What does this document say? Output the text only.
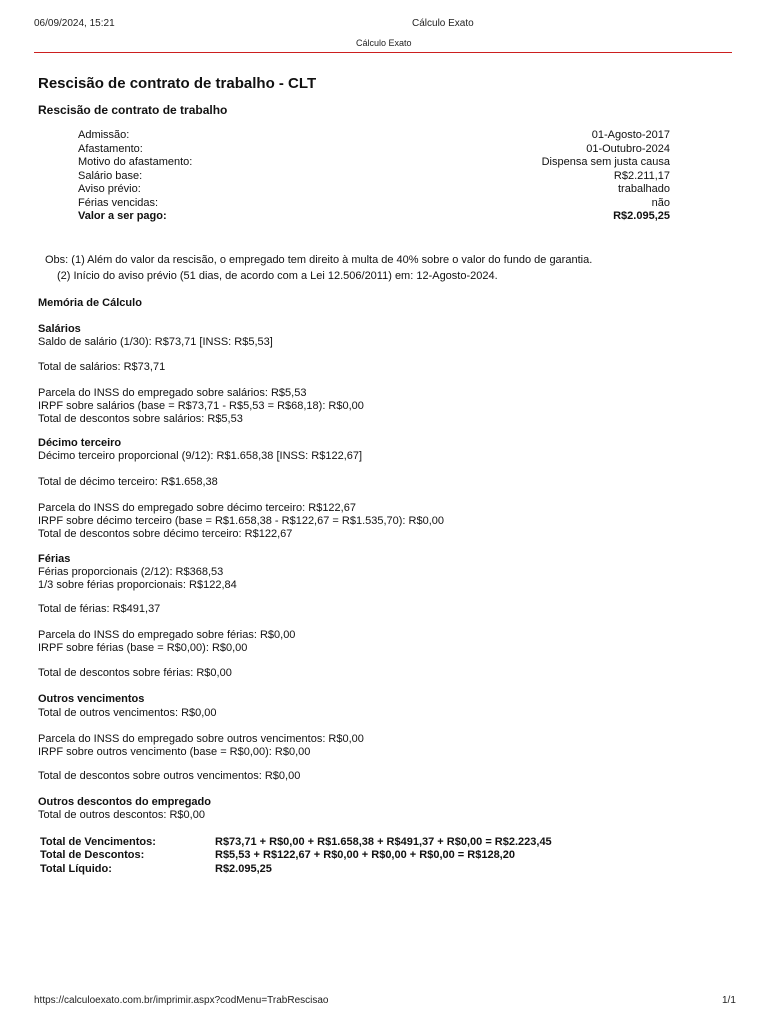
06/09/2024, 15:21	Cálculo Exato
Cálculo Exato
Rescisão de contrato de trabalho - CLT
Rescisão de contrato de trabalho
Admissão:	01-Agosto-2017
Afastamento:	01-Outubro-2024
Motivo do afastamento:	Dispensa sem justa causa
Salário base:	R$2.211,17
Aviso prévio:	trabalhado
Férias vencidas:	não
Valor a ser pago:	R$2.095,25
Obs: (1) Além do valor da rescisão, o empregado tem direito à multa de 40% sobre o valor do fundo de garantia.
(2) Início do aviso prévio (51 dias, de acordo com a Lei 12.506/2011) em: 12-Agosto-2024.
Memória de Cálculo
Salários
Saldo de salário (1/30): R$73,71 [INSS: R$5,53]
Total de salários: R$73,71
Parcela do INSS do empregado sobre salários: R$5,53
IRPF sobre salários (base = R$73,71 - R$5,53 = R$68,18): R$0,00
Total de descontos sobre salários: R$5,53
Décimo terceiro
Décimo terceiro proporcional (9/12): R$1.658,38 [INSS: R$122,67]
Total de décimo terceiro: R$1.658,38
Parcela do INSS do empregado sobre décimo terceiro: R$122,67
IRPF sobre décimo terceiro (base = R$1.658,38 - R$122,67 = R$1.535,70): R$0,00
Total de descontos sobre décimo terceiro: R$122,67
Férias
Férias proporcionais (2/12): R$368,53
1/3 sobre férias proporcionais: R$122,84
Total de férias: R$491,37
Parcela do INSS do empregado sobre férias: R$0,00
IRPF sobre férias (base = R$0,00): R$0,00
Total de descontos sobre férias: R$0,00
Outros vencimentos
Total de outros vencimentos: R$0,00
Parcela do INSS do empregado sobre outros vencimentos: R$0,00
IRPF sobre outros vencimento (base = R$0,00): R$0,00
Total de descontos sobre outros vencimentos: R$0,00
Outros descontos do empregado
Total de outros descontos: R$0,00
Total de Vencimentos:	R$73,71 + R$0,00 + R$1.658,38 + R$491,37 + R$0,00 = R$2.223,45
Total de Descontos:	R$5,53 + R$122,67 + R$0,00 + R$0,00 + R$0,00 = R$128,20
Total Líquido:	R$2.095,25
https://calculoexato.com.br/imprimir.aspx?codMenu=TrabRescisao	1/1
